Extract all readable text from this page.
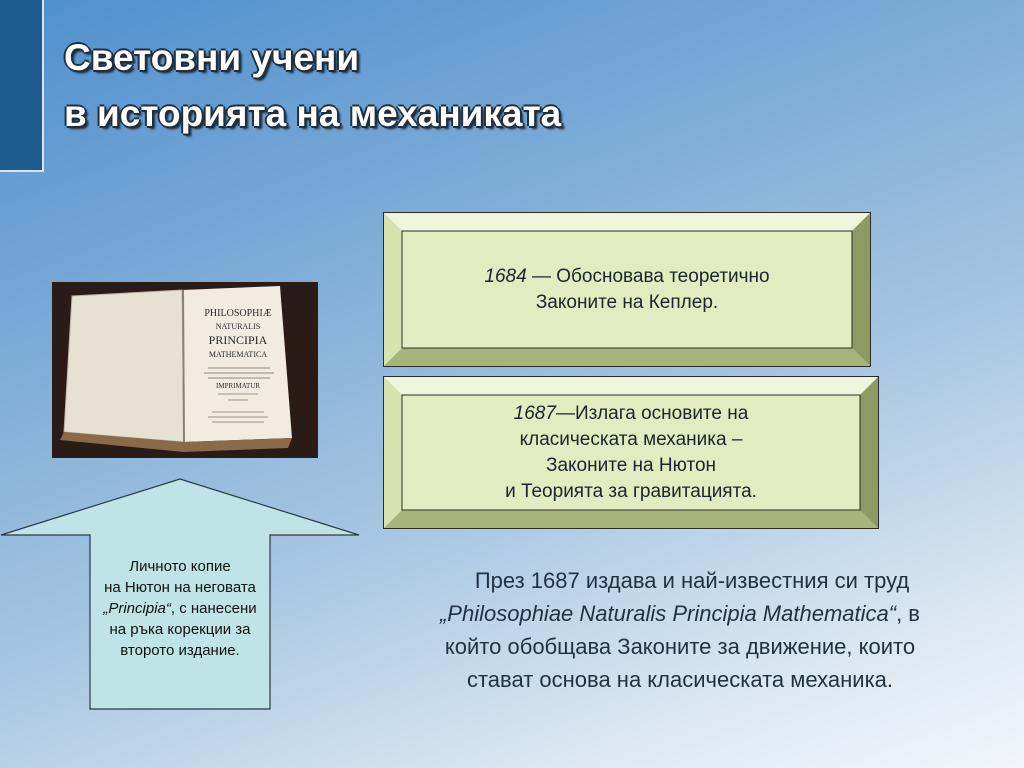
Световни учени
в историята на механиката
PHILOSOPHIÆ
NATURALIS
PRINCIPIA
MATHEMATICA
IMPRIMATUR
1684 — Обосновава теоретично
Законите на Кеплер.
1687—Излага основите на
класическата механика –
Законите на Нютон
и Теорията за гравитацията.
Личното копие
на Нютон на неговата
„Principia“, с нанесени
на ръка корекции за
второто издание.
През 1687 издава и най-известния си труд
„Philosophiae Naturalis Principia Mathematica“, в
който обобщава Законите за движение, които
стават основа на класическата механика.
